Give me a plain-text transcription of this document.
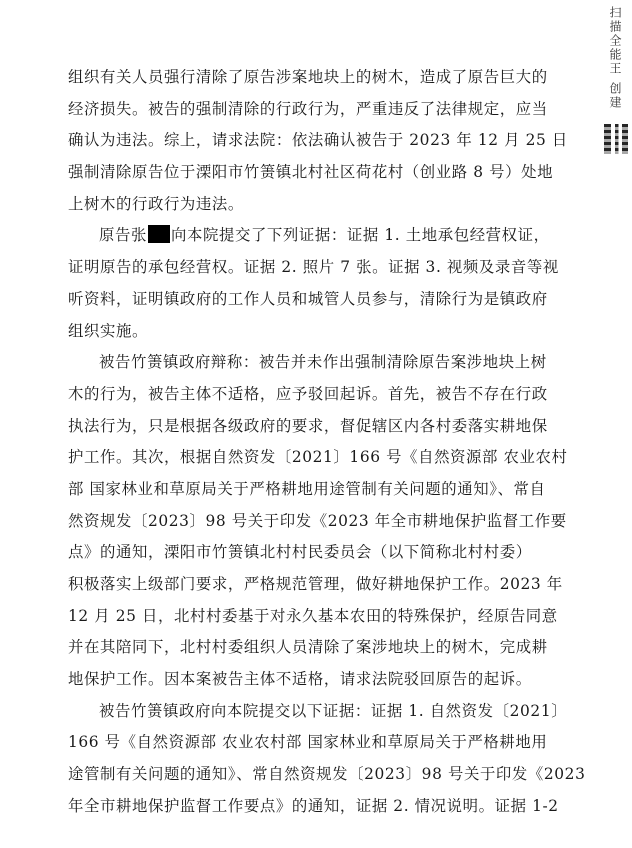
扫描全能王 创建
组织有关人员强行清除了原告涉案地块上的树木，造成了原告巨大的
经济损失。被告的强制清除的行政行为，严重违反了法律规定，应当
确认为违法。综上，请求法院：依法确认被告于 2023 年 12 月 25 日
强制清除原告位于溧阳市竹箦镇北村社区荷花村（创业路 8 号）处地
上树木的行政行为违法。
原告张 向本院提交了下列证据：证据 1. 土地承包经营权证，
证明原告的承包经营权。证据 2. 照片 7 张。证据 3. 视频及录音等视
听资料，证明镇政府的工作人员和城管人员参与，清除行为是镇政府
组织实施。
被告竹箦镇政府辩称：被告并未作出强制清除原告案涉地块上树
木的行为，被告主体不适格，应予驳回起诉。首先，被告不存在行政
执法行为，只是根据各级政府的要求，督促辖区内各村委落实耕地保
护工作。其次，根据自然资发〔2021〕166 号《自然资源部 农业农村
部 国家林业和草原局关于严格耕地用途管制有关问题的通知》、常自
然资规发〔2023〕98 号关于印发《2023 年全市耕地保护监督工作要
点》的通知，溧阳市竹箦镇北村村民委员会（以下简称北村村委）
积极落实上级部门要求，严格规范管理，做好耕地保护工作。2023 年
12 月 25 日，北村村委基于对永久基本农田的特殊保护，经原告同意
并在其陪同下，北村村委组织人员清除了案涉地块上的树木，完成耕
地保护工作。因本案被告主体不适格，请求法院驳回原告的起诉。
被告竹箦镇政府向本院提交以下证据：证据 1. 自然资发〔2021〕
166 号《自然资源部 农业农村部 国家林业和草原局关于严格耕地用
途管制有关问题的通知》、常自然资规发〔2023〕98 号关于印发《2023
年全市耕地保护监督工作要点》的通知，证据 2. 情况说明。证据 1-2
